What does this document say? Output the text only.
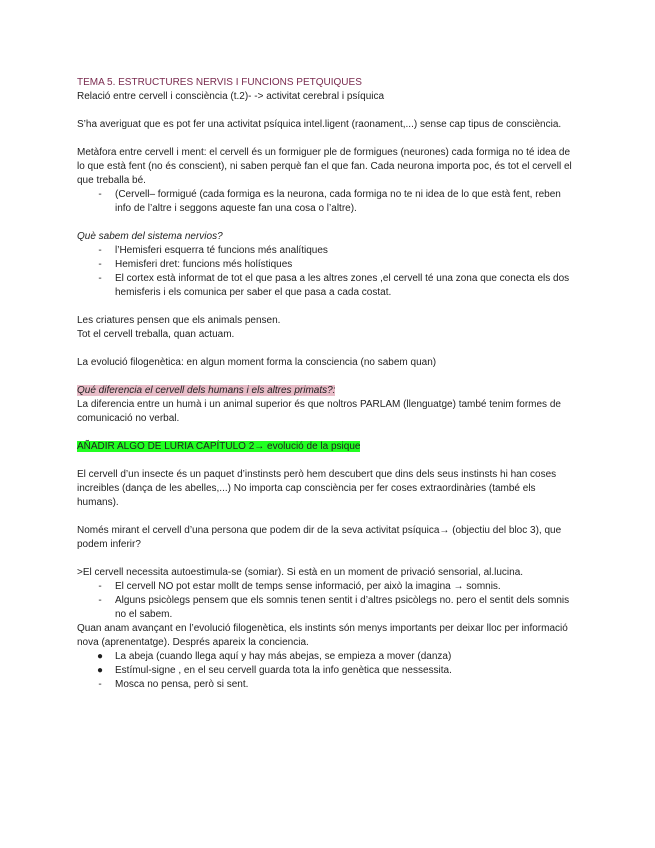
TEMA 5. ESTRUCTURES NERVIS I FUNCIONS PETQUIQUES

Relació entre cervell i consciència (t.2)- -> activitat cerebral i psíquica

S’ha averiguat que es pot fer una activitat psíquica intel.ligent (raonament,...) sense cap tipus de consciència.

Metàfora entre cervell i ment: el cervell és un formiguer ple de formigues (neurones) cada formiga no té idea de lo que està fent (no és conscient), ni saben perquè fan el que fan. Cada neurona importa poc, és tot el cervell el que treballa bé.

-	(Cervell– formigué (cada formiga es la neurona, cada formiga no te ni idea de lo que està fent, reben info de l’altre i seggons aqueste fan una cosa o l’altre).

Què sabem del sistema nervios?

-	l’Hemisferi esquerra té funcions més analítiques
-	Hemisferi dret: funcions més holístiques
-	El cortex està informat de tot el que pasa a les altres zones ,el cervell té una zona que conecta els dos hemisferis i els comunica per saber el que pasa a cada costat.

Les criatures pensen que els animals pensen.

Tot el cervell treballa, quan actuam.

La evolució filogenètica: en algun moment forma la consciencia (no sabem quan)

Qué diferencia el cervell dels humans i els altres primats?:

La diferencia entre un humà i un animal superior és que noltros PARLAM (llenguatge) també tenim formes de comunicació no verbal.

AÑADIR ALGO DE LURIA CAPÍTULO 2→ evolució de la psique

El cervell d’un insecte és un paquet d’instinsts però hem descubert que dins dels seus instinsts hi han coses increibles (dança de les abelles,...) No importa cap consciència per fer coses extraordinàries (també els humans).

Només mirant el cervell d’una persona que podem dir de la seva activitat psíquica→ (objectiu del bloc 3), que podem inferir?

>El cervell necessita autoestimula-se (somiar). Si està en un moment de privació sensorial, al.lucina.

-	El cervell NO pot estar mollt de temps sense informació, per això la imagina → somnis.
-	Alguns psicòlegs pensem que els somnis tenen sentit i d’altres psicòlegs no. pero el sentit dels somnis no el sabem.

Quan anam avançant en l’evolució filogenètica, els instints són menys importants per deixar lloc per informació nova (aprenentatge). Després apareix la conciencia.

● La abeja (cuando llega aquí y hay más abejas, se empieza a mover (danza)
● Estímul-signe , en el seu cervell guarda tota la info genètica que nessessita.
-	Mosca no pensa, però si sent.
